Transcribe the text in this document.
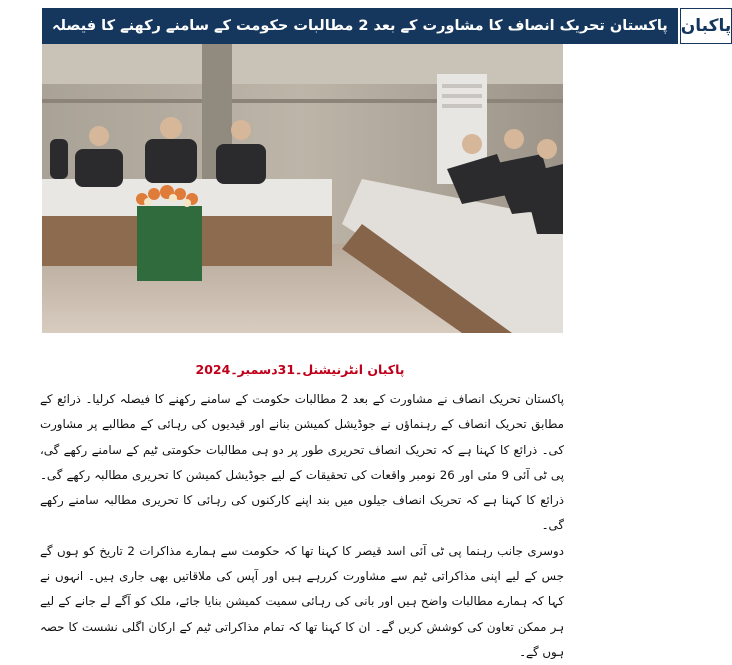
پاکستان تحریک انصاف کا مشاورت کے بعد 2 مطالبات حکومت کے سامنے رکھنے کا فیصلہ پاکبان
پاکبان انٹرنیشنل۔31دسمبر۔2024

پاکستان تحریک انصاف نے مشاورت کے بعد 2 مطالبات حکومت کے سامنے رکھنے کا فیصلہ کرلیا۔ ذرائع کے مطابق تحریک انصاف کے رہنماؤں نے جوڈیشل کمیشن بنانے اور قیدیوں کی رہائی کے مطالبے پر مشاورت کی۔ ذرائع کا کہنا ہے کہ تحریک انصاف تحریری طور پر دو ہی مطالبات حکومتی ٹیم کے سامنے رکھے گی، پی ٹی آئی 9 مئی اور 26 نومبر واقعات کی تحقیقات کے لیے جوڈیشل کمیشن کا تحریری مطالبہ رکھے گی۔ ذرائع کا کہنا ہے کہ تحریک انصاف جیلوں میں بند اپنے کارکنوں کی رہائی کا تحریری مطالبہ سامنے رکھے گی۔

دوسری جانب رہنما پی ٹی آئی اسد قیصر کا کہنا تھا کہ حکومت سے ہمارے مذاکرات 2 تاریخ کو ہوں گے جس کے لیے اپنی مذاکراتی ٹیم سے مشاورت کررہے ہیں اور آپس کی ملاقاتیں بھی جاری ہیں۔ انہوں نے کہا کہ ہمارے مطالبات واضح ہیں اور بانی کی رہائی سمیت کمیشن بنایا جائے، ملک کو آگے لے جانے کے لیے ہر ممکن تعاون کی کوشش کریں گے۔ ان کا کہنا تھا کہ تمام مذاکراتی ٹیم کے ارکان اگلی نشست کا حصہ ہوں گے۔
